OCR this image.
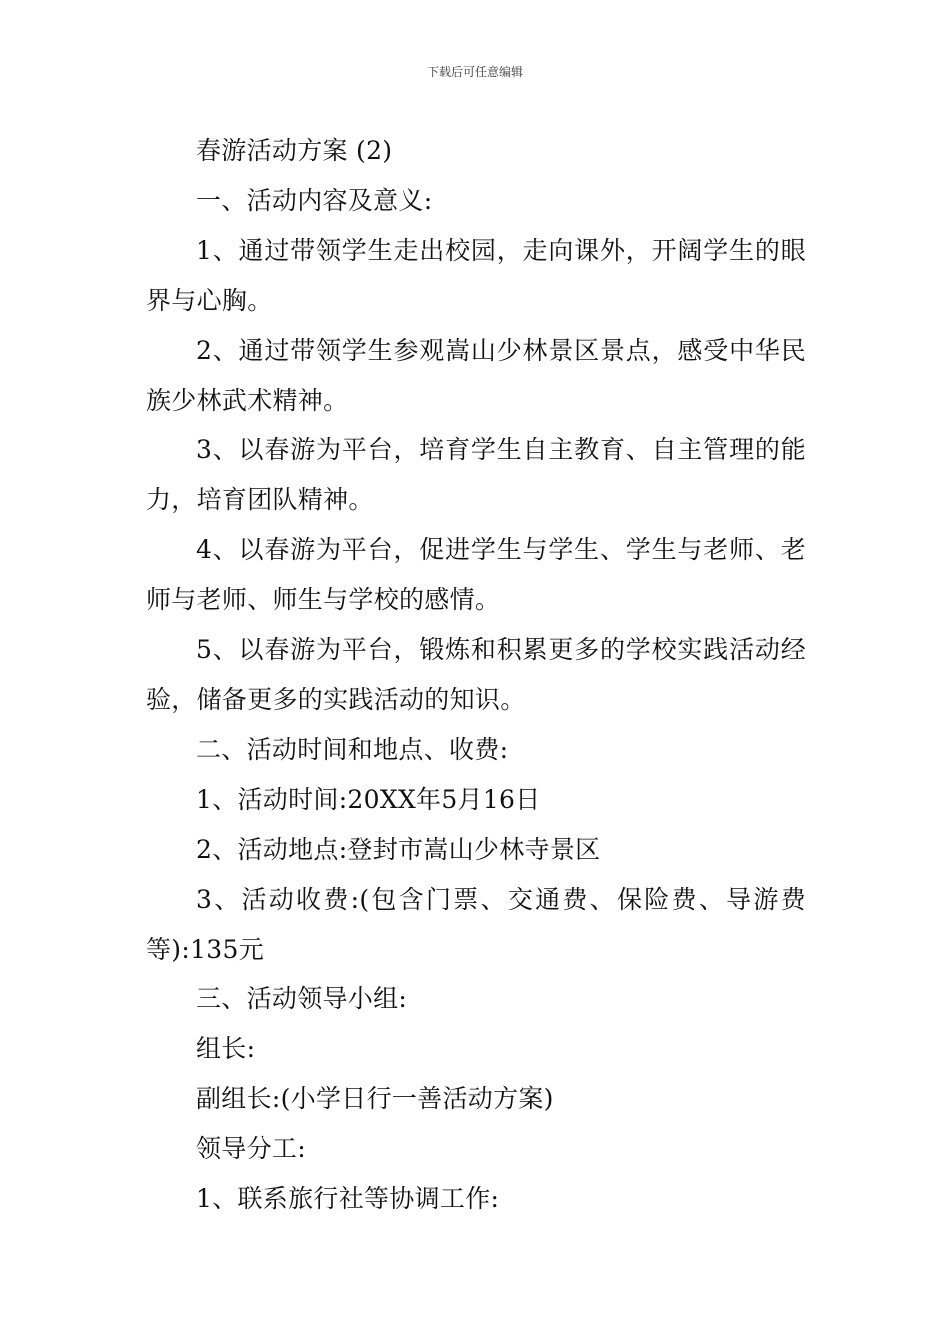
下载后可任意编辑

春游活动方案 (2)

一、活动内容及意义:

1、通过带领学生走出校园，走向课外，开阔学生的眼界与心胸。

2、通过带领学生参观嵩山少林景区景点，感受中华民族少林武术精神。

3、以春游为平台，培育学生自主教育、自主管理的能力，培育团队精神。

4、以春游为平台，促进学生与学生、学生与老师、老师与老师、师生与学校的感情。

5、以春游为平台，锻炼和积累更多的学校实践活动经验，储备更多的实践活动的知识。

二、活动时间和地点、收费:

1、活动时间:20XX年5月16日

2、活动地点:登封市嵩山少林寺景区

3、活动收费:(包含门票、交通费、保险费、导游费等):135元

三、活动领导小组:

组长:

副组长:(小学日行一善活动方案)

领导分工:

1、联系旅行社等协调工作:
